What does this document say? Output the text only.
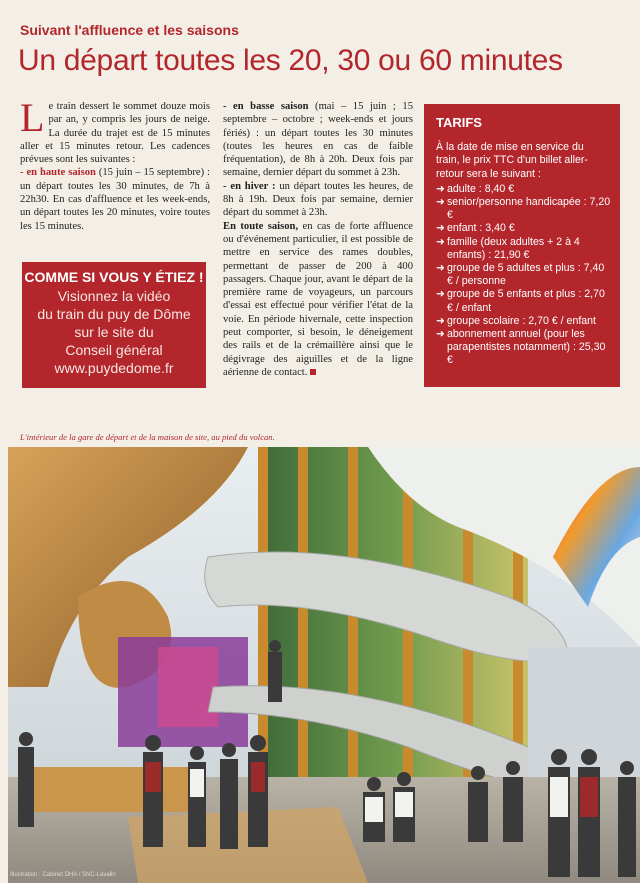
Suivant l'affluence et les saisons
Un départ toutes les 20, 30 ou 60 minutes

Le train dessert le sommet douze mois par an, y compris les jours de neige. La durée du trajet est de 15 minutes aller et 15 minutes retour. Les cadences prévues sont les suivantes :

- en haute saison (15 juin – 15 septembre) : un départ toutes les 30 minutes, de 7h à 22h30. En cas d'affluence et les week-ends, un départ toutes les 20 minutes, voire toutes les 15 minutes.

- en basse saison (mai – 15 juin ; 15 septembre – octobre ; week-ends et jours fériés) : un départ toutes les 30 minutes (toutes les heures en cas de faible fréquentation), de 8h à 20h. Deux fois par semaine, dernier départ du sommet à 23h.

- en hiver : un départ toutes les heures, de 8h à 19h. Deux fois par semaine, dernier départ du sommet à 23h.

En toute saison, en cas de forte affluence ou d'événement particulier, il est possible de mettre en service des rames doubles, permettant de passer de 200 à 400 passagers. Chaque jour, avant le départ de la première rame de voyageurs, un parcours d'essai est effectué pour vérifier l'état de la voie. En période hivernale, cette inspection peut comporter, si besoin, le déneigement des rails et de la crémaillère ainsi que le dégivrage des aiguilles et de la ligne aérienne de contact.

COMME SI VOUS Y ÉTIEZ !
Visionnez la vidéo
du train du puy de Dôme
sur le site du
Conseil général
www.puydedome.fr
TARIFS
À la date de mise en service du train, le prix TTC d'un billet aller-retour sera le suivant :
➜ adulte : 8,40 €
➜ senior/personne handicapée : 7,20 €
➜ enfant : 3,40 €
➜ famille (deux adultes + 2 à 4 enfants) : 21,90 €
➜ groupe de 5 adultes et plus : 7,40 € / personne
➜ groupe de 5 enfants et plus : 2,70 € / enfant
➜ groupe scolaire : 2,70 € / enfant
➜ abonnement annuel (pour les parapentistes notamment) : 25,30 €
L'intérieur de la gare de départ et de la maison de site, au pied du volcan.
Illustration : Cabinet DHA / SNC-Lavalin
